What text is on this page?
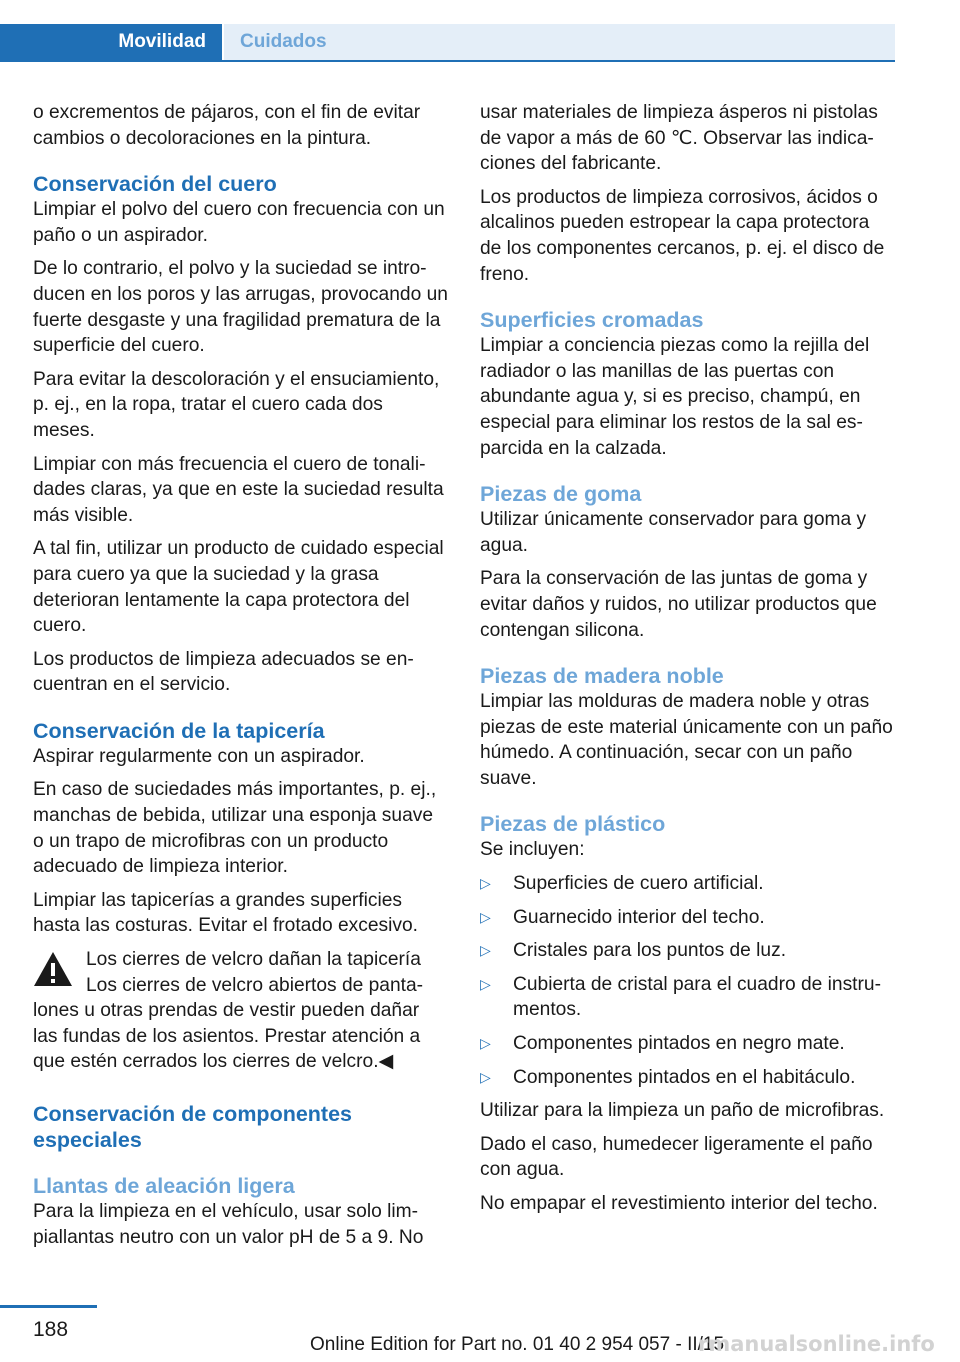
Movilidad	Cuidados

o excrementos de pájaros, con el fin de evitar cambios o decoloraciones en la pintura.

Conservación del cuero

Limpiar el polvo del cuero con frecuencia con un paño o un aspirador.

De lo contrario, el polvo y la suciedad se introducen en los poros y las arrugas, provocando un fuerte desgaste y una fragilidad prematura de la superficie del cuero.

Para evitar la descoloración y el ensuciamiento, p. ej., en la ropa, tratar el cuero cada dos meses.

Limpiar con más frecuencia el cuero de tonalidades claras, ya que en este la suciedad resulta más visible.

A tal fin, utilizar un producto de cuidado especial para cuero ya que la suciedad y la grasa deterioran lentamente la capa protectora del cuero.

Los productos de limpieza adecuados se encuentran en el servicio.

Conservación de la tapicería

Aspirar regularmente con un aspirador.

En caso de suciedades más importantes, p. ej., manchas de bebida, utilizar una esponja suave o un trapo de microfibras con un producto adecuado de limpieza interior.

Limpiar las tapicerías a grandes superficies hasta las costuras. Evitar el frotado excesivo.

Los cierres de velcro dañan la tapicería
Los cierres de velcro abiertos de pantalones u otras prendas de vestir pueden dañar las fundas de los asientos. Prestar atención a que estén cerrados los cierres de velcro.◀
Conservación de componentes especiales
Llantas de aleación ligera

Para la limpieza en el vehículo, usar solo limpiallantas neutro con un valor pH de 5 a 9. No

usar materiales de limpieza ásperos ni pistolas de vapor a más de 60 ℃. Observar las indicaciones del fabricante.

Los productos de limpieza corrosivos, ácidos o alcalinos pueden estropear la capa protectora de los componentes cercanos, p. ej. el disco de freno.

Superficies cromadas

Limpiar a conciencia piezas como la rejilla del radiador o las manillas de las puertas con abundante agua y, si es preciso, champú, en especial para eliminar los restos de la sal esparcida en la calzada.

Piezas de goma

Utilizar únicamente conservador para goma y agua.

Para la conservación de las juntas de goma y evitar daños y ruidos, no utilizar productos que contengan silicona.

Piezas de madera noble

Limpiar las molduras de madera noble y otras piezas de este material únicamente con un paño húmedo. A continuación, secar con un paño suave.

Piezas de plástico

Se incluyen:

▷	Superficies de cuero artificial.
▷	Guarnecido interior del techo.
▷	Cristales para los puntos de luz.
▷	Cubierta de cristal para el cuadro de instrumentos.
▷	Componentes pintados en negro mate.
▷	Componentes pintados en el habitáculo.

Utilizar para la limpieza un paño de microfibras.

Dado el caso, humedecer ligeramente el paño con agua.

No empapar el revestimiento interior del techo.

188
Online Edition for Part no. 01 40 2 954 057 - II/15
rmanualsonline.info
